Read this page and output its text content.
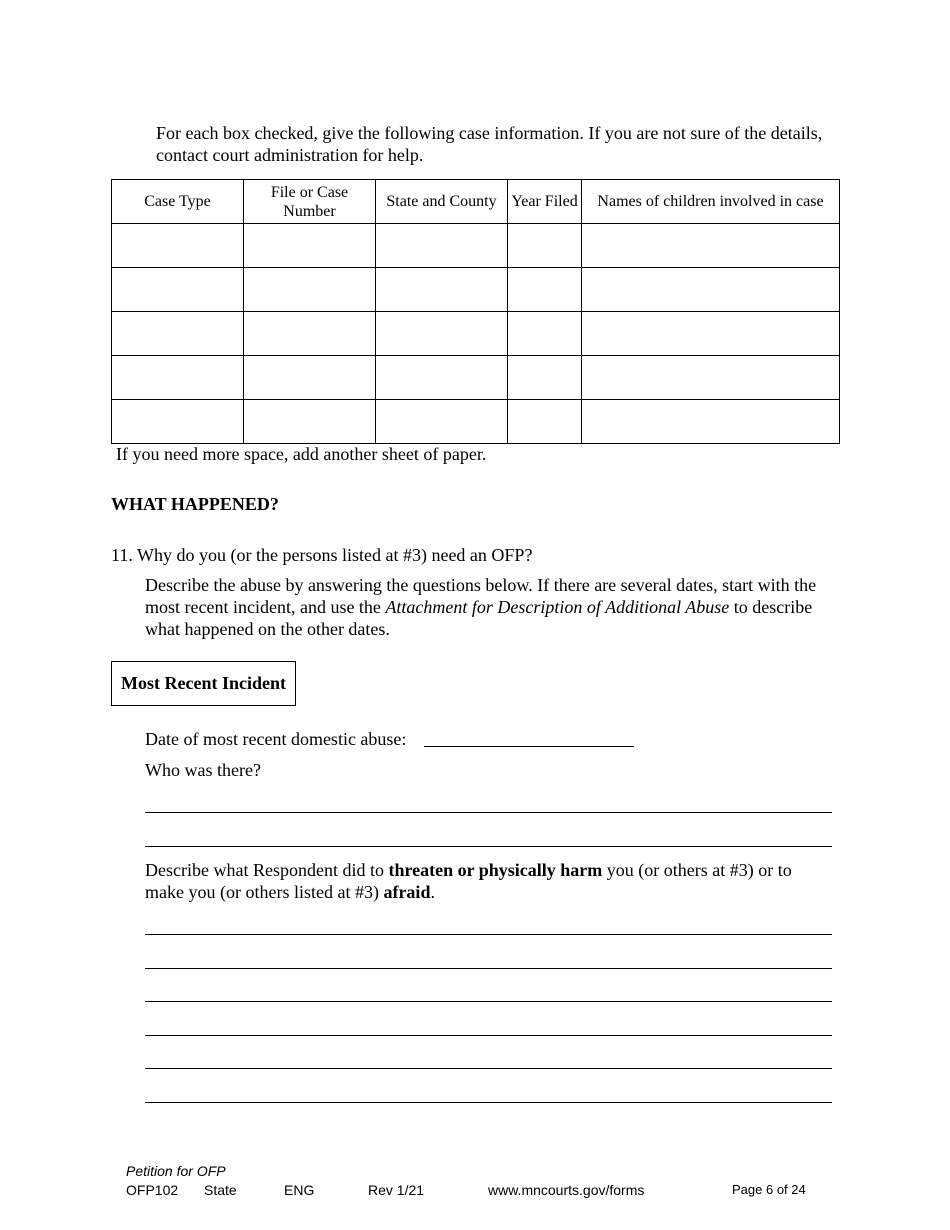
For each box checked, give the following case information. If you are not sure of the details, contact court administration for help.
Case Type	File or Case Number	State and County	Year Filed	Names of children involved in case

If you need more space, add another sheet of paper.
WHAT HAPPENED?
11. Why do you (or the persons listed at #3) need an OFP?
Describe the abuse by answering the questions below. If there are several dates, start with the most recent incident, and use the Attachment for Description of Additional Abuse to describe what happened on the other dates.
Most Recent Incident
Date of most recent domestic abuse:
Who was there?
Describe what Respondent did to threaten or physically harm you (or others at #3) or to make you (or others listed at #3) afraid.
Petition for OFP
OFP102 State	ENG	Rev 1/21	www.mncourts.gov/forms	Page 6 of 24
